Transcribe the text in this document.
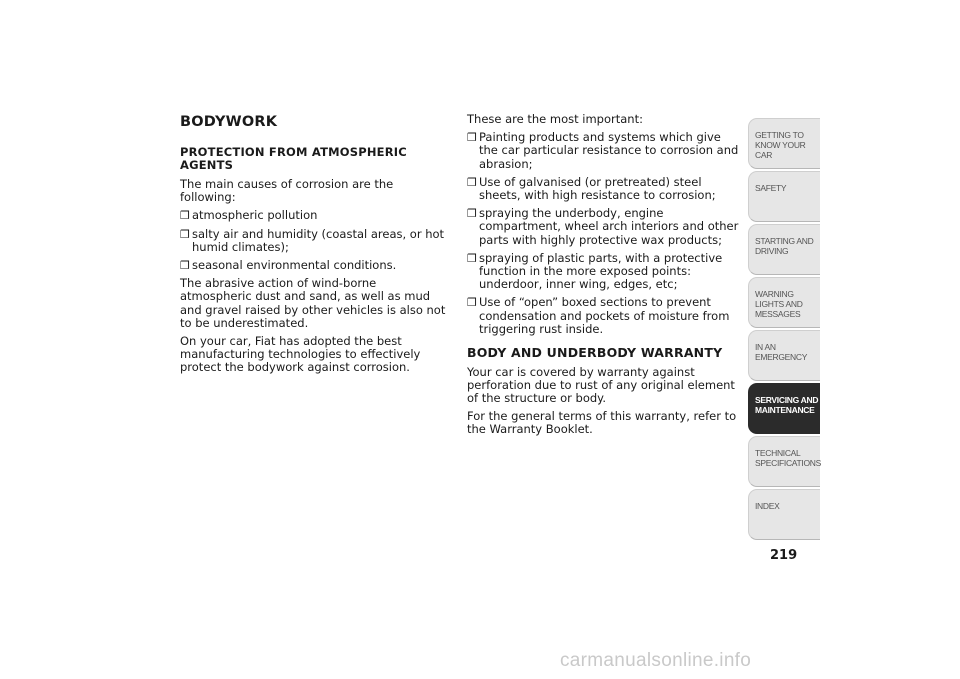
BODYWORK
PROTECTION FROM ATMOSPHERIC AGENTS

The main causes of corrosion are the following:

❒ atmospheric pollution
❒ salty air and humidity (coastal areas, or hot humid climates);
❒ seasonal environmental conditions.

The abrasive action of wind-borne atmospheric dust and sand, as well as mud and gravel raised by other vehicles is also not to be underestimated.

On your car, Fiat has adopted the best manufacturing technologies to effectively protect the bodywork against corrosion.

These are the most important:

❒ Painting products and systems which give the car particular resistance to corrosion and abrasion;
❒ Use of galvanised (or pretreated) steel sheets, with high resistance to corrosion;
❒ spraying the underbody, engine compartment, wheel arch interiors and other parts with highly protective wax products;
❒ spraying of plastic parts, with a protective function in the more exposed points: underdoor, inner wing, edges, etc;
❒ Use of “open” boxed sections to prevent condensation and pockets of moisture from triggering rust inside.
BODY AND UNDERBODY WARRANTY

Your car is covered by warranty against perforation due to rust of any original element of the structure or body.

For the general terms of this warranty, refer to the Warranty Booklet.

GETTING TO KNOW YOUR CAR
SAFETY
STARTING AND DRIVING
WARNING LIGHTS AND MESSAGES
IN AN EMERGENCY
SERVICING AND MAINTENANCE
TECHNICAL SPECIFICATIONS
INDEX
219
carmanualsonline.info
